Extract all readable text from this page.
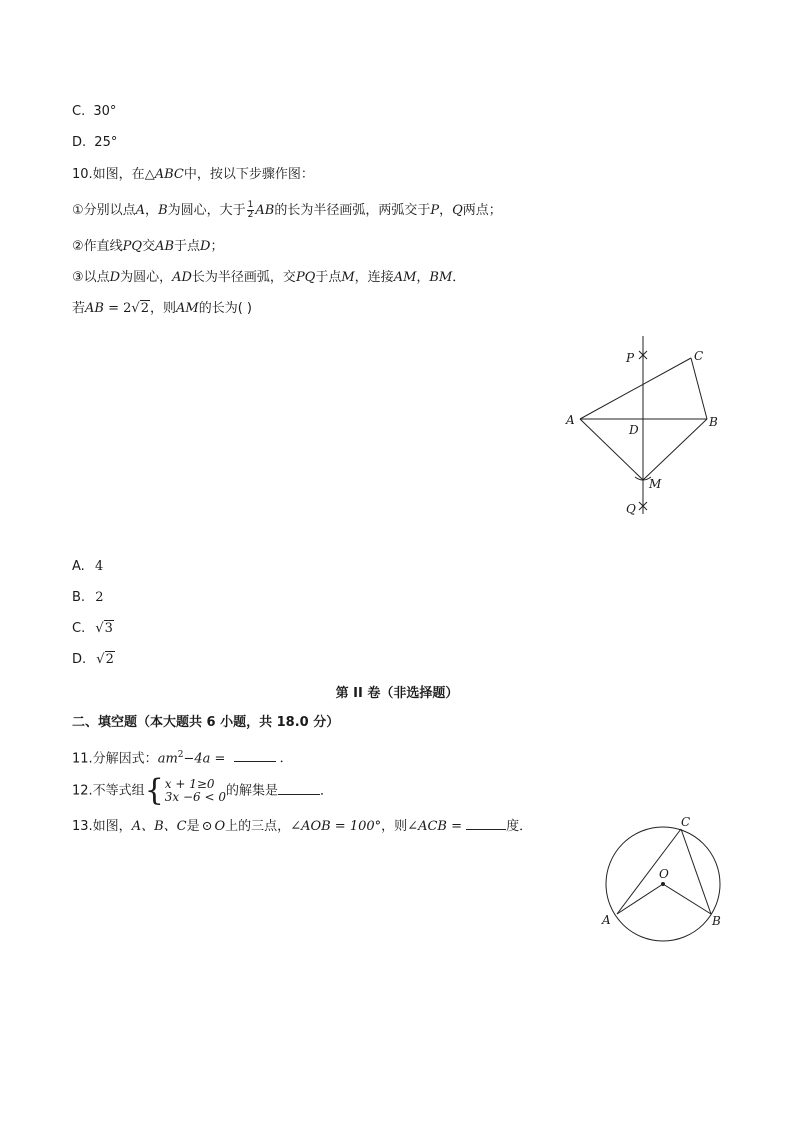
C. 30°
D. 25°
10.如图，在△ABC中，按以下步骤作图：
①分别以点A，B为圆心，大于 $\frac{1}{2}$ AB的长为半径画弧，两弧交于P，Q两点；
②作直线PQ交AB于点D；
③以点D为圆心，AD长为半径画弧，交PQ于点M，连接AM，BM．
若AB = 2√2，则AM的长为( )
P	C
A
D
B
M
Q
A. 4
B. 2
C. √3
D. √2
第 II 卷（非选择题）
二、填空题（本大题共 6 小题，共 18.0 分）
11.分解因式：$am^2-4a$ =	．
12.不等式组 { x + 1≥0
3x −6 < 0 的解集是	．
13.如图，A、B、C是 ⊙ O上的三点，∠AOB = 100°，则∠ACB =	度．	C
O
A	B
